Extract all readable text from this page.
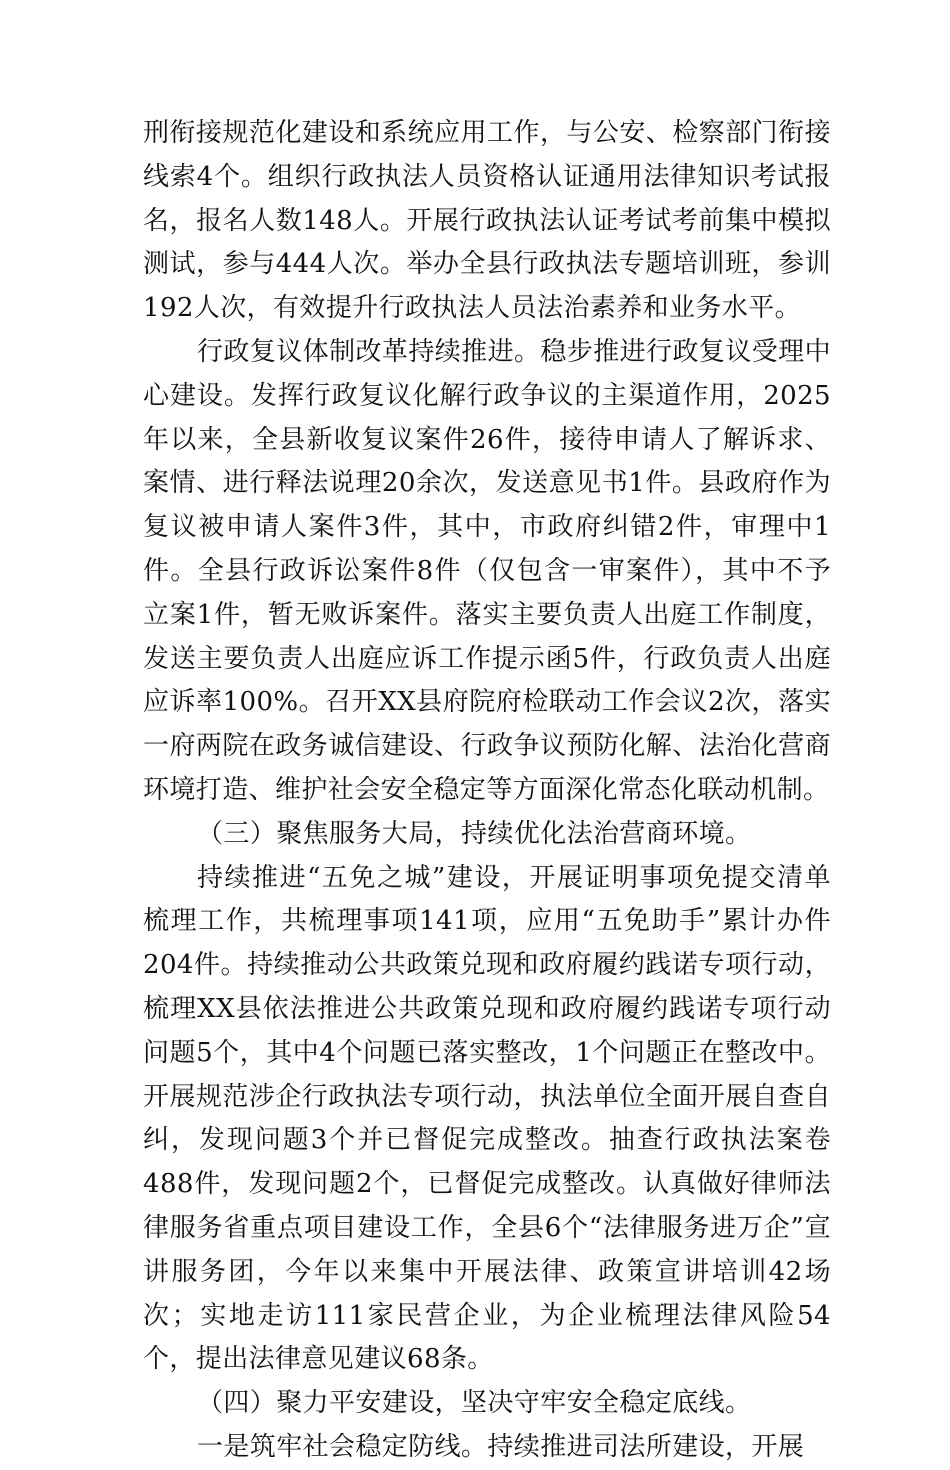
刑衔接规范化建设和系统应用工作，与公安、检察部门衔接线索4个。组织行政执法人员资格认证通用法律知识考试报名，报名人数148人。开展行政执法认证考试考前集中模拟测试，参与444人次。举办全县行政执法专题培训班，参训192人次，有效提升行政执法人员法治素养和业务水平。

行政复议体制改革持续推进。稳步推进行政复议受理中心建设。发挥行政复议化解行政争议的主渠道作用，2025年以来，全县新收复议案件26件，接待申请人了解诉求、案情、进行释法说理20余次，发送意见书1件。县政府作为复议被申请人案件3件，其中，市政府纠错2件，审理中1件。全县行政诉讼案件8件（仅包含一审案件），其中不予立案1件，暂无败诉案件。落实主要负责人出庭工作制度，发送主要负责人出庭应诉工作提示函5件，行政负责人出庭应诉率100%。召开XX县府院府检联动工作会议2次，落实一府两院在政务诚信建设、行政争议预防化解、法治化营商环境打造、维护社会安全稳定等方面深化常态化联动机制。

（三）聚焦服务大局，持续优化法治营商环境。

持续推进“五免之城”建设，开展证明事项免提交清单梳理工作，共梳理事项141项，应用“五免助手”累计办件204件。持续推动公共政策兑现和政府履约践诺专项行动，梳理XX县依法推进公共政策兑现和政府履约践诺专项行动问题5个，其中4个问题已落实整改，1个问题正在整改中。开展规范涉企行政执法专项行动，执法单位全面开展自查自纠，发现问题3个并已督促完成整改。抽查行政执法案卷488件，发现问题2个，已督促完成整改。认真做好律师法律服务省重点项目建设工作，全县6个“法律服务进万企”宣讲服务团，今年以来集中开展法律、政策宣讲培训42场次；实地走访111家民营企业，为企业梳理法律风险54个，提出法律意见建议68条。

（四）聚力平安建设，坚决守牢安全稳定底线。

一是筑牢社会稳定防线。持续推进司法所建设，开展
